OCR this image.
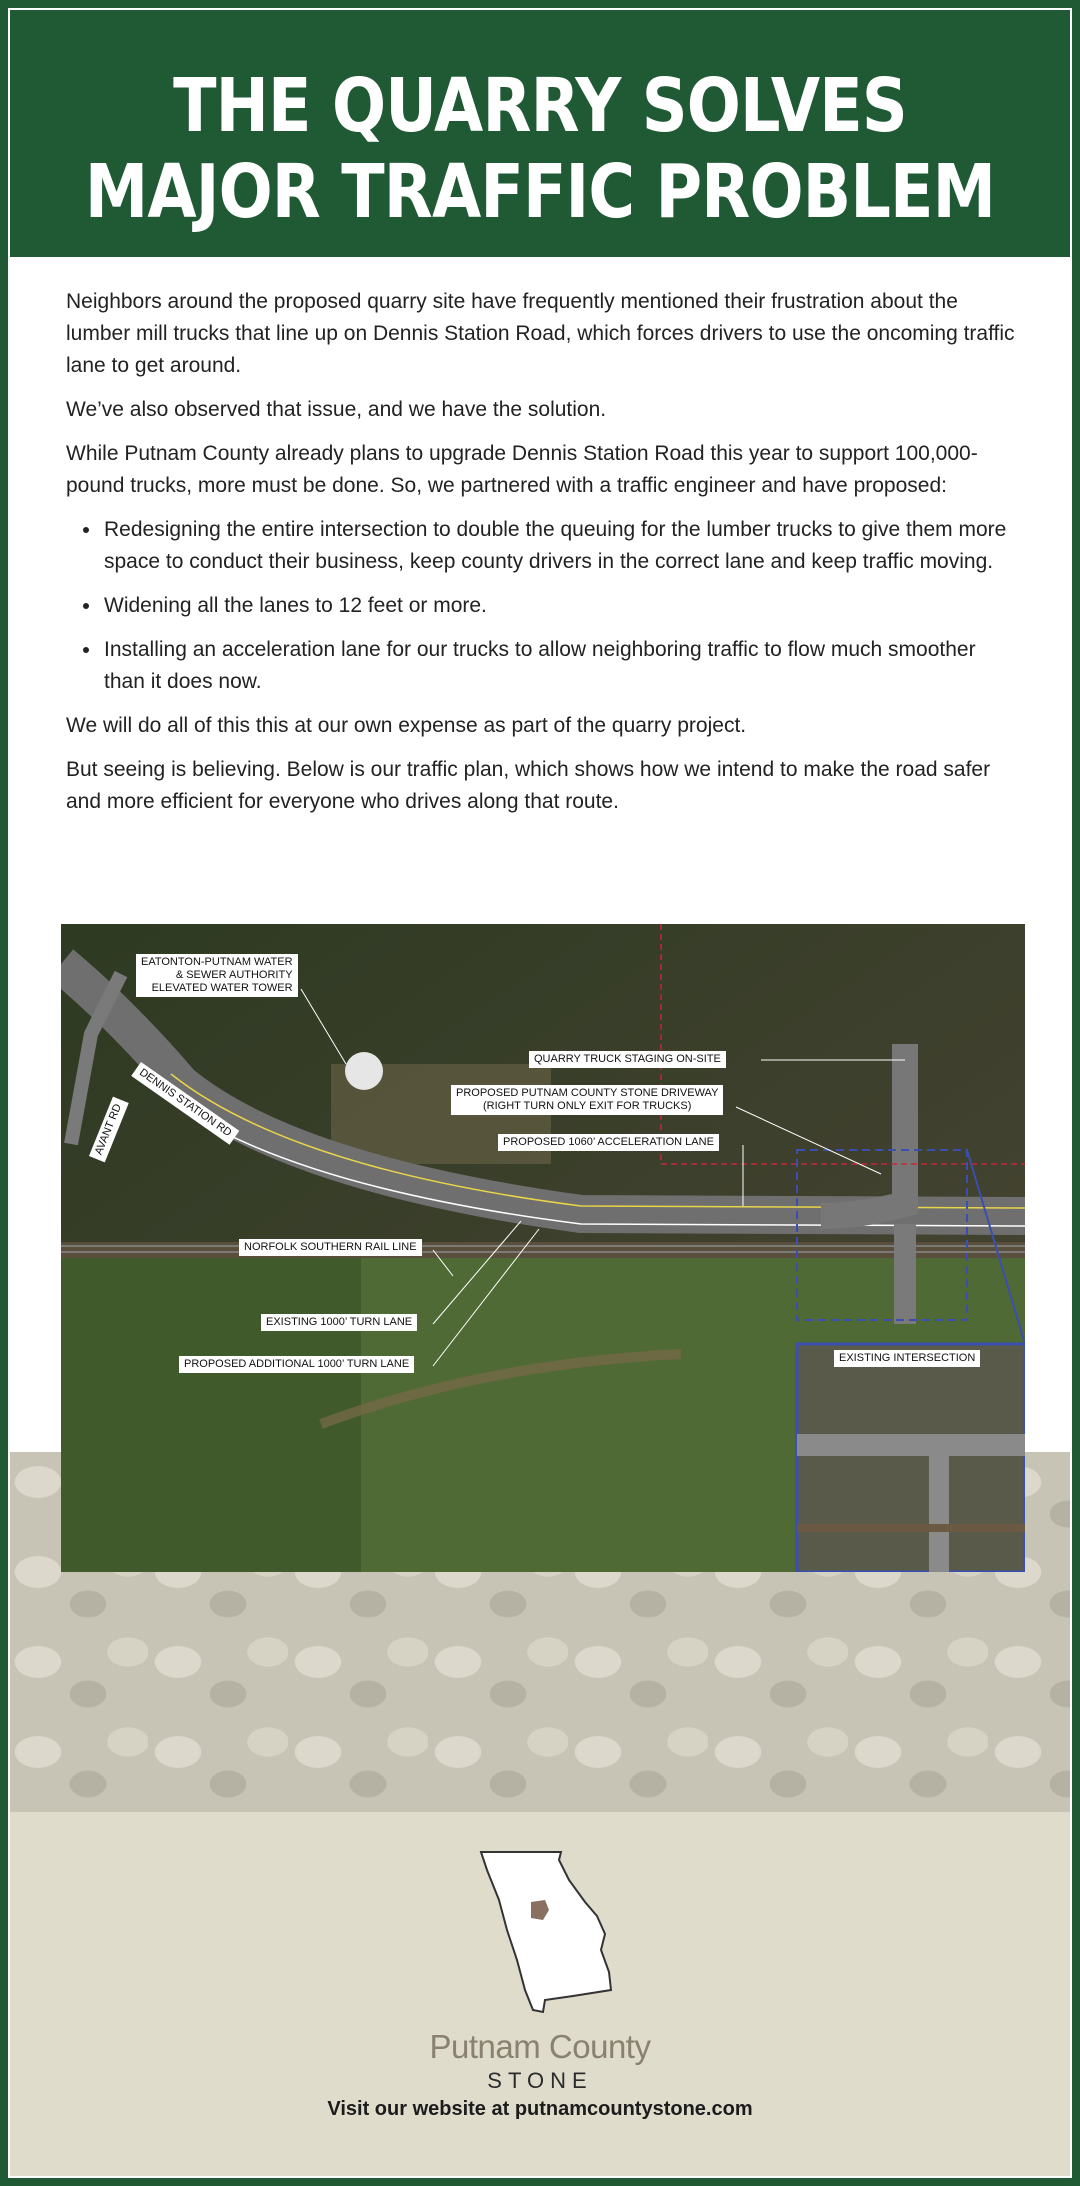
THE QUARRY SOLVES
MAJOR TRAFFIC PROBLEM

Neighbors around the proposed quarry site have frequently mentioned their frustration about the lumber mill trucks that line up on Dennis Station Road, which forces drivers to use the oncoming traffic lane to get around.

We’ve also observed that issue, and we have the solution.

While Putnam County already plans to upgrade Dennis Station Road this year to support 100,000-pound trucks, more must be done. So, we partnered with a traffic engineer and have proposed:

• Redesigning the entire intersection to double the queuing for the lumber trucks to give them more space to conduct their business, keep county drivers in the correct lane and keep traffic moving.
• Widening all the lanes to 12 feet or more.
• Installing an acceleration lane for our trucks to allow neighboring traffic to flow much smoother than it does now.

We will do all of this this at our own expense as part of the quarry project.

But seeing is believing. Below is our traffic plan, which shows how we intend to make the road safer and more efficient for everyone who drives along that route.

EATONTON-PUTNAM WATER
& SEWER AUTHORITY
ELEVATED WATER TOWER
DENNIS STATION RD
AVANT RD
QUARRY TRUCK STAGING ON-SITE
PROPOSED PUTNAM COUNTY STONE DRIVEWAY
(RIGHT TURN ONLY EXIT FOR TRUCKS)
PROPOSED 1060’ ACCELERATION LANE
NORFOLK SOUTHERN RAIL LINE
EXISTING 1000’ TURN LANE
PROPOSED ADDITIONAL 1000’ TURN LANE	EXISTING INTERSECTION
Putnam County
STONE
Visit our website at putnamcountystone.com
